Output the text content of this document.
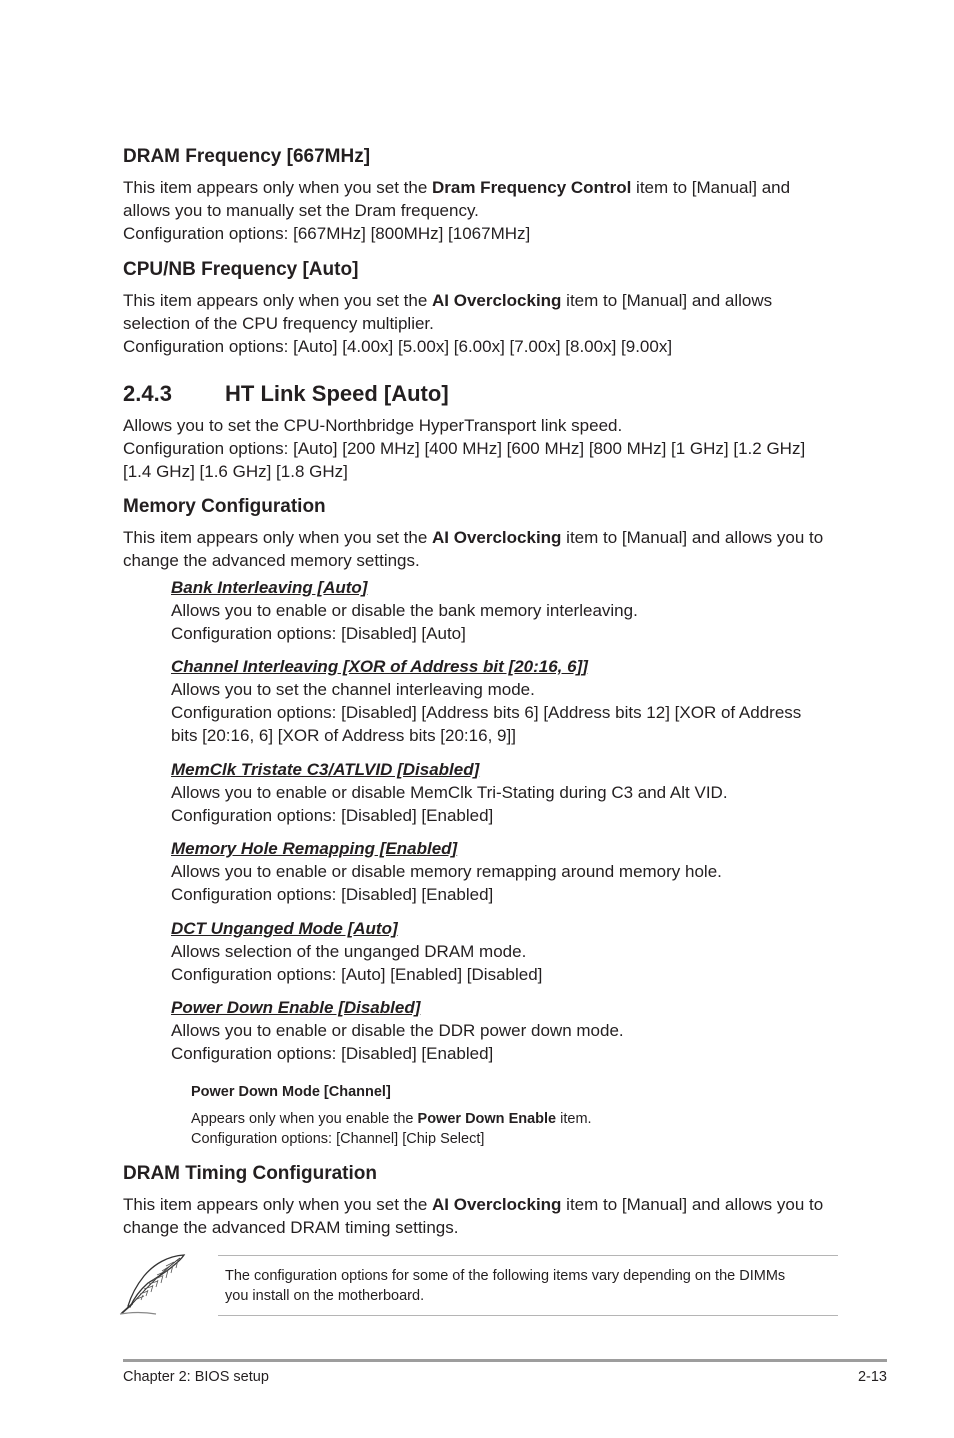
DRAM Frequency [667MHz]
This item appears only when you set the Dram Frequency Control item to [Manual] and
allows you to manually set the Dram frequency.
Configuration options: [667MHz] [800MHz] [1067MHz]
CPU/NB Frequency [Auto]
This item appears only when you set the AI Overclocking item to [Manual] and allows
selection of the CPU frequency multiplier.
Configuration options: [Auto] [4.00x] [5.00x] [6.00x] [7.00x] [8.00x] [9.00x]
2.4.3 HT Link Speed [Auto]
Allows you to set the CPU-Northbridge HyperTransport link speed.
Configuration options: [Auto] [200 MHz] [400 MHz] [600 MHz] [800 MHz] [1 GHz] [1.2 GHz]
[1.4 GHz] [1.6 GHz] [1.8 GHz]
Memory Configuration
This item appears only when you set the AI Overclocking item to [Manual] and allows you to
change the advanced memory settings.
Bank Interleaving [Auto]
Allows you to enable or disable the bank memory interleaving.
Configuration options: [Disabled] [Auto]
Channel Interleaving [XOR of Address bit [20:16, 6]]
Allows you to set the channel interleaving mode.
Configuration options: [Disabled] [Address bits 6] [Address bits 12] [XOR of Address
bits [20:16, 6] [XOR of Address bits [20:16, 9]]
MemClk Tristate C3/ATLVID [Disabled]
Allows you to enable or disable MemClk Tri-Stating during C3 and Alt VID.
Configuration options: [Disabled] [Enabled]
Memory Hole Remapping [Enabled]
Allows you to enable or disable memory remapping around memory hole.
Configuration options: [Disabled] [Enabled]
DCT Unganged Mode [Auto]
Allows selection of the unganged DRAM mode.
Configuration options: [Auto] [Enabled] [Disabled]
Power Down Enable [Disabled]
Allows you to enable or disable the DDR power down mode.
Configuration options: [Disabled] [Enabled]
Power Down Mode [Channel]
Appears only when you enable the Power Down Enable item.
Configuration options: [Channel] [Chip Select]
DRAM Timing Configuration
This item appears only when you set the AI Overclocking item to [Manual] and allows you to
change the advanced DRAM timing settings.
The configuration options for some of the following items vary depending on the DIMMs
you install on the motherboard.
Chapter 2: BIOS setup	2-13
